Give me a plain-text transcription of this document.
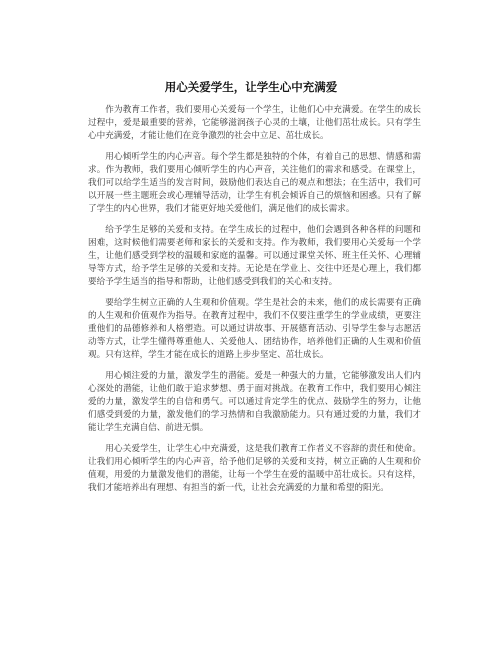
用心关爱学生，让学生心中充满爱

作为教育工作者，我们要用心关爱每一个学生，让他们心中充满爱。在学生的成长过程中，爱是最重要的营养，它能够滋润孩子心灵的土壤，让他们茁壮成长。只有学生心中充满爱，才能让他们在竞争激烈的社会中立足、茁壮成长。

用心倾听学生的内心声音。每个学生都是独特的个体，有着自己的思想、情感和需求。作为教师，我们要用心倾听学生的内心声音，关注他们的需求和感受。在课堂上，我们可以给学生适当的发言时间，鼓励他们表达自己的观点和想法；在生活中，我们可以开展一些主题班会或心理辅导活动，让学生有机会倾诉自己的烦恼和困惑。只有了解了学生的内心世界，我们才能更好地关爱他们，满足他们的成长需求。

给予学生足够的关爱和支持。在学生成长的过程中，他们会遇到各种各样的问题和困难，这时候他们需要老师和家长的关爱和支持。作为教师，我们要用心关爱每一个学生，让他们感受到学校的温暖和家庭的温馨。可以通过课堂关怀、班主任关怀、心理辅导等方式，给予学生足够的关爱和支持。无论是在学业上、交往中还是心理上，我们都要给予学生适当的指导和帮助，让他们感受到我们的关心和支持。

要给学生树立正确的人生观和价值观。学生是社会的未来，他们的成长需要有正确的人生观和价值观作为指导。在教育过程中，我们不仅要注重学生的学业成绩，更要注重他们的品德修养和人格塑造。可以通过讲故事、开展德育活动、引导学生参与志愿活动等方式，让学生懂得尊重他人、关爱他人、团结协作，培养他们正确的人生观和价值观。只有这样，学生才能在成长的道路上步步坚定、茁壮成长。

用心倾注爱的力量，激发学生的潜能。爱是一种强大的力量，它能够激发出人们内心深处的潜能，让他们敢于追求梦想、勇于面对挑战。在教育工作中，我们要用心倾注爱的力量，激发学生的自信和勇气。可以通过肯定学生的优点、鼓励学生的努力，让他们感受到爱的力量，激发他们的学习热情和自我激励能力。只有通过爱的力量，我们才能让学生充满自信、前进无惧。

用心关爱学生，让学生心中充满爱，这是我们教育工作者义不容辞的责任和使命。让我们用心倾听学生的内心声音，给予他们足够的关爱和支持，树立正确的人生观和价值观，用爱的力量激发他们的潜能，让每一个学生在爱的温暖中茁壮成长。只有这样，我们才能培养出有理想、有担当的新一代，让社会充满爱的力量和希望的阳光。
